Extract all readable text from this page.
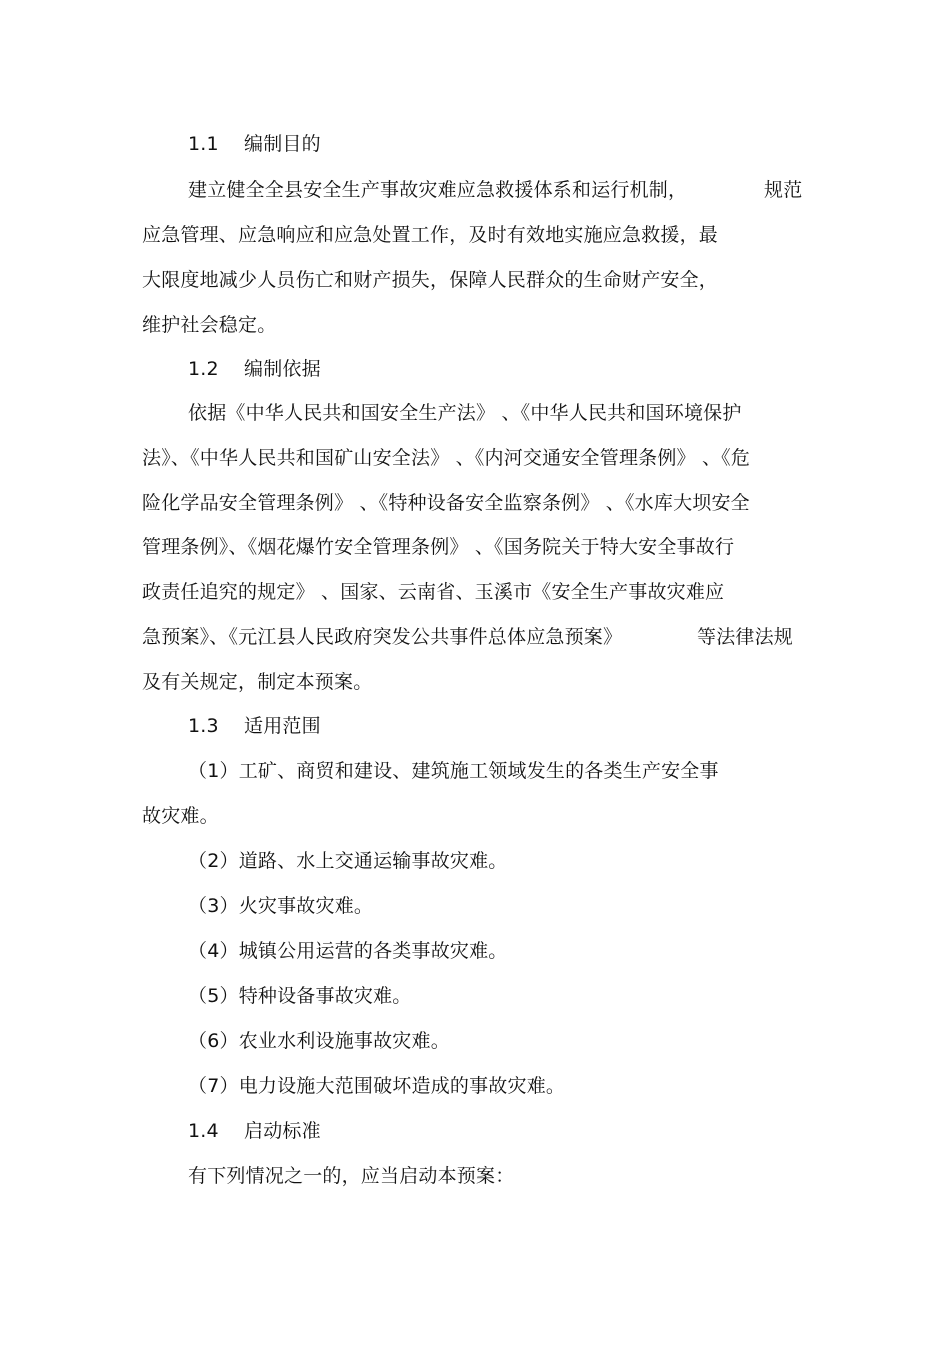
1.1 编制目的
建立健全全县安全生产事故灾难应急救援体系和运行机制，	规范
应急管理、应急响应和应急处置工作，及时有效地实施应急救援，最
大限度地减少人员伤亡和财产损失，保障人民群众的生命财产安全，
维护社会稳定。
1.2 编制依据
依据《中华人民共和国安全生产法》 、《中华人民共和国环境保护
法》、《中华人民共和国矿山安全法》 、《内河交通安全管理条例》 、《危
险化学品安全管理条例》 、《特种设备安全监察条例》 、《水库大坝安全
管理条例》、《烟花爆竹安全管理条例》 、《国务院关于特大安全事故行
政责任追究的规定》 、国家、云南省、玉溪市《安全生产事故灾难应
急预案》、《元江县人民政府突发公共事件总体应急预案》	等法律法规
及有关规定，制定本预案。
1.3 适用范围
（1）工矿、商贸和建设、建筑施工领域发生的各类生产安全事
故灾难。
（2）道路、水上交通运输事故灾难。
（3）火灾事故灾难。
（4）城镇公用运营的各类事故灾难。
（5）特种设备事故灾难。
（6）农业水利设施事故灾难。
（7）电力设施大范围破坏造成的事故灾难。
1.4 启动标准
有下列情况之一的，应当启动本预案：
